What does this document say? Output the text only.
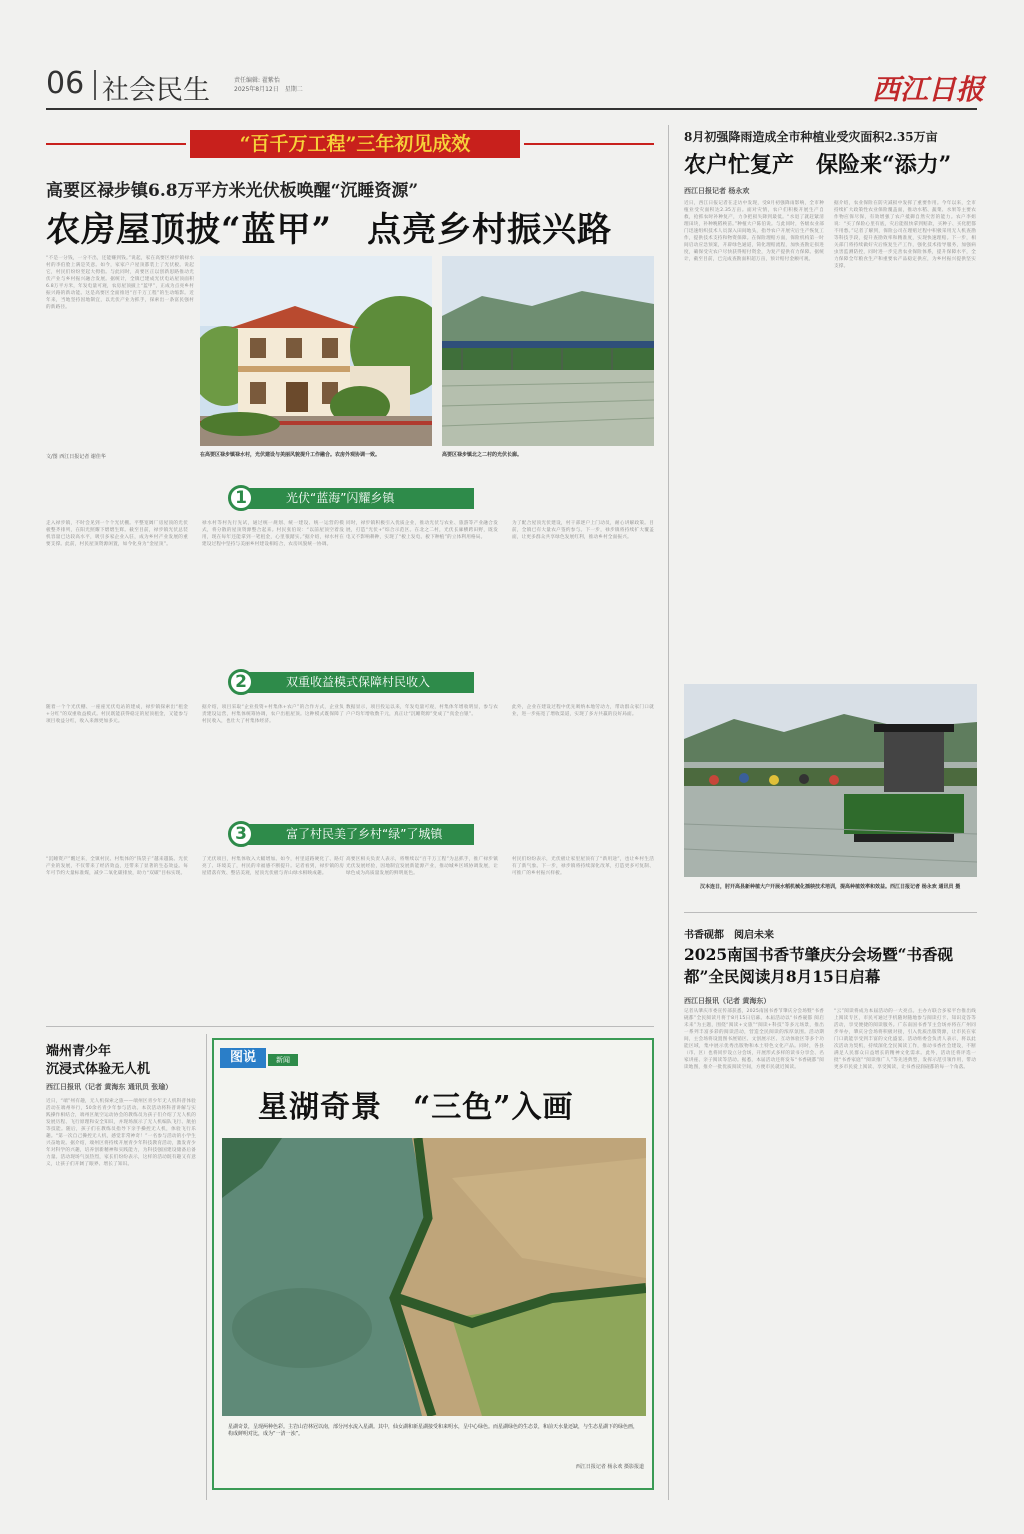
06 社会民生	责任编辑: 翟紫怡
2025年8月12日　星期二	西江日报
“百千万工程”三年初见成效
高要区禄步镇6.8万平方米光伏板唤醒“沉睡资源”
农房屋顶披“蓝甲”　点亮乡村振兴路
“不是一分钱，一分不出，还能赚到钱。”说起，家在高要区禄步镇禄水村的李伯脸上满是笑意。如今，家家户户屋顶都装上了光伏板。说起它，村民们纷纷竖起大拇指。与此同时，高要区正以创新思路推动光伏产业与乡村振兴融合发展。据统计，全镇已建成光伏电站屋顶面积6.8万平方米，年发电量可观，农房屋顶披上“蓝甲”，正成为点亮乡村振兴路的新动能。这是高要区全面推进“百千万工程”的生动缩影。近年来，当地坚持因地制宜，以光伏产业为抓手，探索出一条富民强村的新路径。
文/图 西江日报记者 谢佳华	在高要区禄步镇禄水村，光伏建设与美丽风貌提升工作融合。农房外观协调一致。	高要区禄步镇北之二村的光伏长廊。
光伏“蓝海”闪耀乡镇
1
走入禄步镇，不时会见到一个个光伏棚。平整宽阔厂房屋顶的光伏板整齐排列，在阳光照耀下熠熠生辉。截至目前，禄步镇光伏总装机容量已达较高水平，吸引多家企业入驻，成为乡村产业发展的重要支撑。此前，村民屋顶资源闲置，如今化身为“金屋顶”。
禄水村等村先行先试，通过统一规划、统一建设、统一运营的模式，将分散的屋顶资源整合起来。村民张伯说：“以前屋顶空着没用，现在每年还能拿到一笔租金，心里很踏实。”据介绍，禄水村在建设过程中坚持与美丽乡村建设相结合，农房风貌统一协调。
同时，禄步镇积极引入优质企业，推动光伏与农业、旅游等产业融合发展，打造“光伏+”综合示范区。在北之二村，光伏长廊横跨田野，既发电又不影响耕种，实现了“板上发电、板下种植”的立体利用格局。
为了配合屋顶光伏建设，村干部逐户上门动员，耐心讲解政策。目前，全镇已有大量农户签约参与。下一步，禄步镇将持续扩大覆盖面，让更多群众共享绿色发展红利，推动乡村全面振兴。
双重收益模式保障村民收入
2
随着一个个光伏棚、一座座光伏电站的建成，禄步镇探索出“租金+分红”的双重收益模式。村民既能获得稳定的屋顶租金，又能参与项目收益分红，收入来源更加多元。
据介绍，项目采取“企业投资+村集体+农户”的合作方式，企业负责建设运营，村集体统筹协调，农户出租屋顶。这种模式既保障了村民收入，也壮大了村集体经济。
数据显示，项目投运以来，年发电量可观，村集体年增收明显，参与农户户均年增收数千元，真正让“沉睡资源”变成了“真金白银”。
此外，企业在建设过程中优先吸纳本地劳动力，带动群众家门口就业，进一步拓宽了增收渠道，实现了多方共赢的良好局面。
富了村民美了乡村“绿”了城镇
3
“沉睡资产”醒过来，全镇村民、村集体的“钱袋子”越来越鼓。光伏产业的发展，不仅带来了经济效益，还带来了显著的生态效益。每年可节约大量标准煤，减少二氧化碳排放，助力“双碳”目标实现。
了光伏项目，村集体收入大幅增加。如今，村里道路硬化了、路灯亮了、环境美了，村民的幸福感不断提升。记者看到，禄步镇的房屋错落有致、整洁美观，屋顶光伏板与青山绿水相映成趣。
高要区相关负责人表示，将继续以“百千万工程”为总抓手，推广禄步镇光伏发展经验，因地制宜发展新能源产业，推动城乡区域协调发展，让绿色成为高质量发展的鲜明底色。
村民们纷纷表示，光伏板让家里屋顶有了“新用途”，也让乡村生活有了新气象。下一步，禄步镇将持续深化改革，打造更多可复制、可推广的乡村振兴样板。
8月初强降雨造成全市种植业受灾面积2.35万亩
农户忙复产　保险来“添力”
西江日报记者 杨永欢
近日，西江日报记者在走访中发现，受8月初强降雨影响，全市种植业受灾面积达2.35万亩。面对灾情，农户们积极开展生产自救，抢抓农时补种复产，力争把损失降到最低。“水退了就赶紧清理田块，补种晚稻秧苗。”种植大户陈伯说。与此同时，各级农业部门迅速组织技术人员深入田间地头，指导农户开展灾后生产恢复工作，提供技术支持和物资保障。在保险理赔方面，保险机构第一时间启动应急预案，开辟绿色通道，简化理赔流程，加快查勘定损进度，确保受灾农户尽快获得赔付资金，为复产提供有力保障。据统计，截至目前，已完成查勘面积超万亩，预计赔付金额可观。
据介绍，农业保险在防灾减损中发挥了重要作用。今年以来，全市持续扩大政策性农业保险覆盖面，推动水稻、蔬菜、水果等主要农作物应保尽保，有效增强了农户抵御自然灾害的能力。农户李姐说：“买了保险心里有底，灾后能很快拿到赔款，买种子、买化肥都不用愁。”记者了解到，保险公司在理赔过程中积极采用无人机查勘等科技手段，提升查勘效率和精准度，实现快速理赔。下一步，相关部门将持续做好灾后恢复生产工作，强化技术指导服务，加强病虫害监测防控，同时进一步完善农业保险体系，提升保障水平，全力保障全年粮食生产和重要农产品稳定供应，为乡村振兴提供坚实支撑。
汉本连日，肘开高县新种植大户开展水稻机械化插秧技术培训，提高种植效率和效益。西江日报记者 杨永欢 通讯员 摄
书香砚都　阅启未来
2025南国书香节肇庆分会场暨“书香砚都”全民阅读月8月15日启幕
西江日报讯（记者 黄海东）
记者从肇庆市委宣传部获悉，2025南国书香节肇庆分会场暨“书香砚都”全民阅读月将于8月15日启幕。本届活动以“书香砚都 阅启未来”为主题，围绕“阅读+文旅”“阅读+科技”等多元场景，推出一系列丰富多彩的阅读活动，营造全民阅读的浓厚氛围。活动期间，主会场将设置图书展销区、文创展示区、互动体验区等多个功能区域，集中展示优秀出版物和本土特色文化产品。同时，各县（市、区）也将同步设立分会场，开展形式多样的读书分享会、名家讲座、亲子阅读等活动。据悉，本届活动还将发布“书香砚都”阅读地图，推介一批优质阅读空间，方便市民就近阅读。
“云”阅读将成为本届活动的一大亮点。主办方联合多家平台推出线上阅读专区，市民可通过手机随时随地参与阅读打卡、知识竞答等活动，享受便捷的阅读服务。广东南国书香节主会场亦将在广州同步举办，肇庆分会场将积极对接，引入优质出版资源，让市民在家门口就能享受到丰富的文化盛宴。活动组委会负责人表示，将以此次活动为契机，持续深化全民阅读工作，推动书香社会建设，不断满足人民群众日益增长的精神文化需求。此外，活动还将评选一批“书香家庭”“阅读推广人”等先进典型，发挥示范引领作用，带动更多市民爱上阅读、享受阅读，让书香浸润砚都的每一个角落。
端州青少年
沉浸式体验无人机
西江日报讯（记者 黄海东 通讯员 张瑜）
近日，“端”州有趣，无人机探索之旅——端州区青少年无人机科普体验活动在端州举行，50余名青少年参与活动。本次活动将科普讲解与实践操作相结合，端州区航空运动协会的教练员为孩子们介绍了无人机的发展历程、飞行原理和安全知识，并现场演示了无人机编队飞行、航拍等技能。随后，孩子们在教练员指导下亲手操控无人机，体验飞行乐趣。“第一次自己操控无人机，感觉非常神奇！”一名参与活动的小学生兴奋地说。据介绍，端州区将持续开展青少年科技教育活动，激发青少年对科学的兴趣，培养创新精神和实践能力，为科技强国建设储备后备力量。活动现场气氛热烈，家长们纷纷表示，这样的活动既有趣又有意义，让孩子们开阔了眼界、增长了知识。
图说	新闻
星湖奇景　“三色”入画
星湖奇景，呈现两种色彩。主岩山岩林冠以南，部分河水流入星湖。其中，仙女湖和新星湖接受和来明水，呈中心绿色。而星湖绿色的生态景，和前天水量还缺，与生态星湖下的绿色画，构成鲜明对比，成为“一清一浊”。
西江日报记者 杨永欢 摄影报道
